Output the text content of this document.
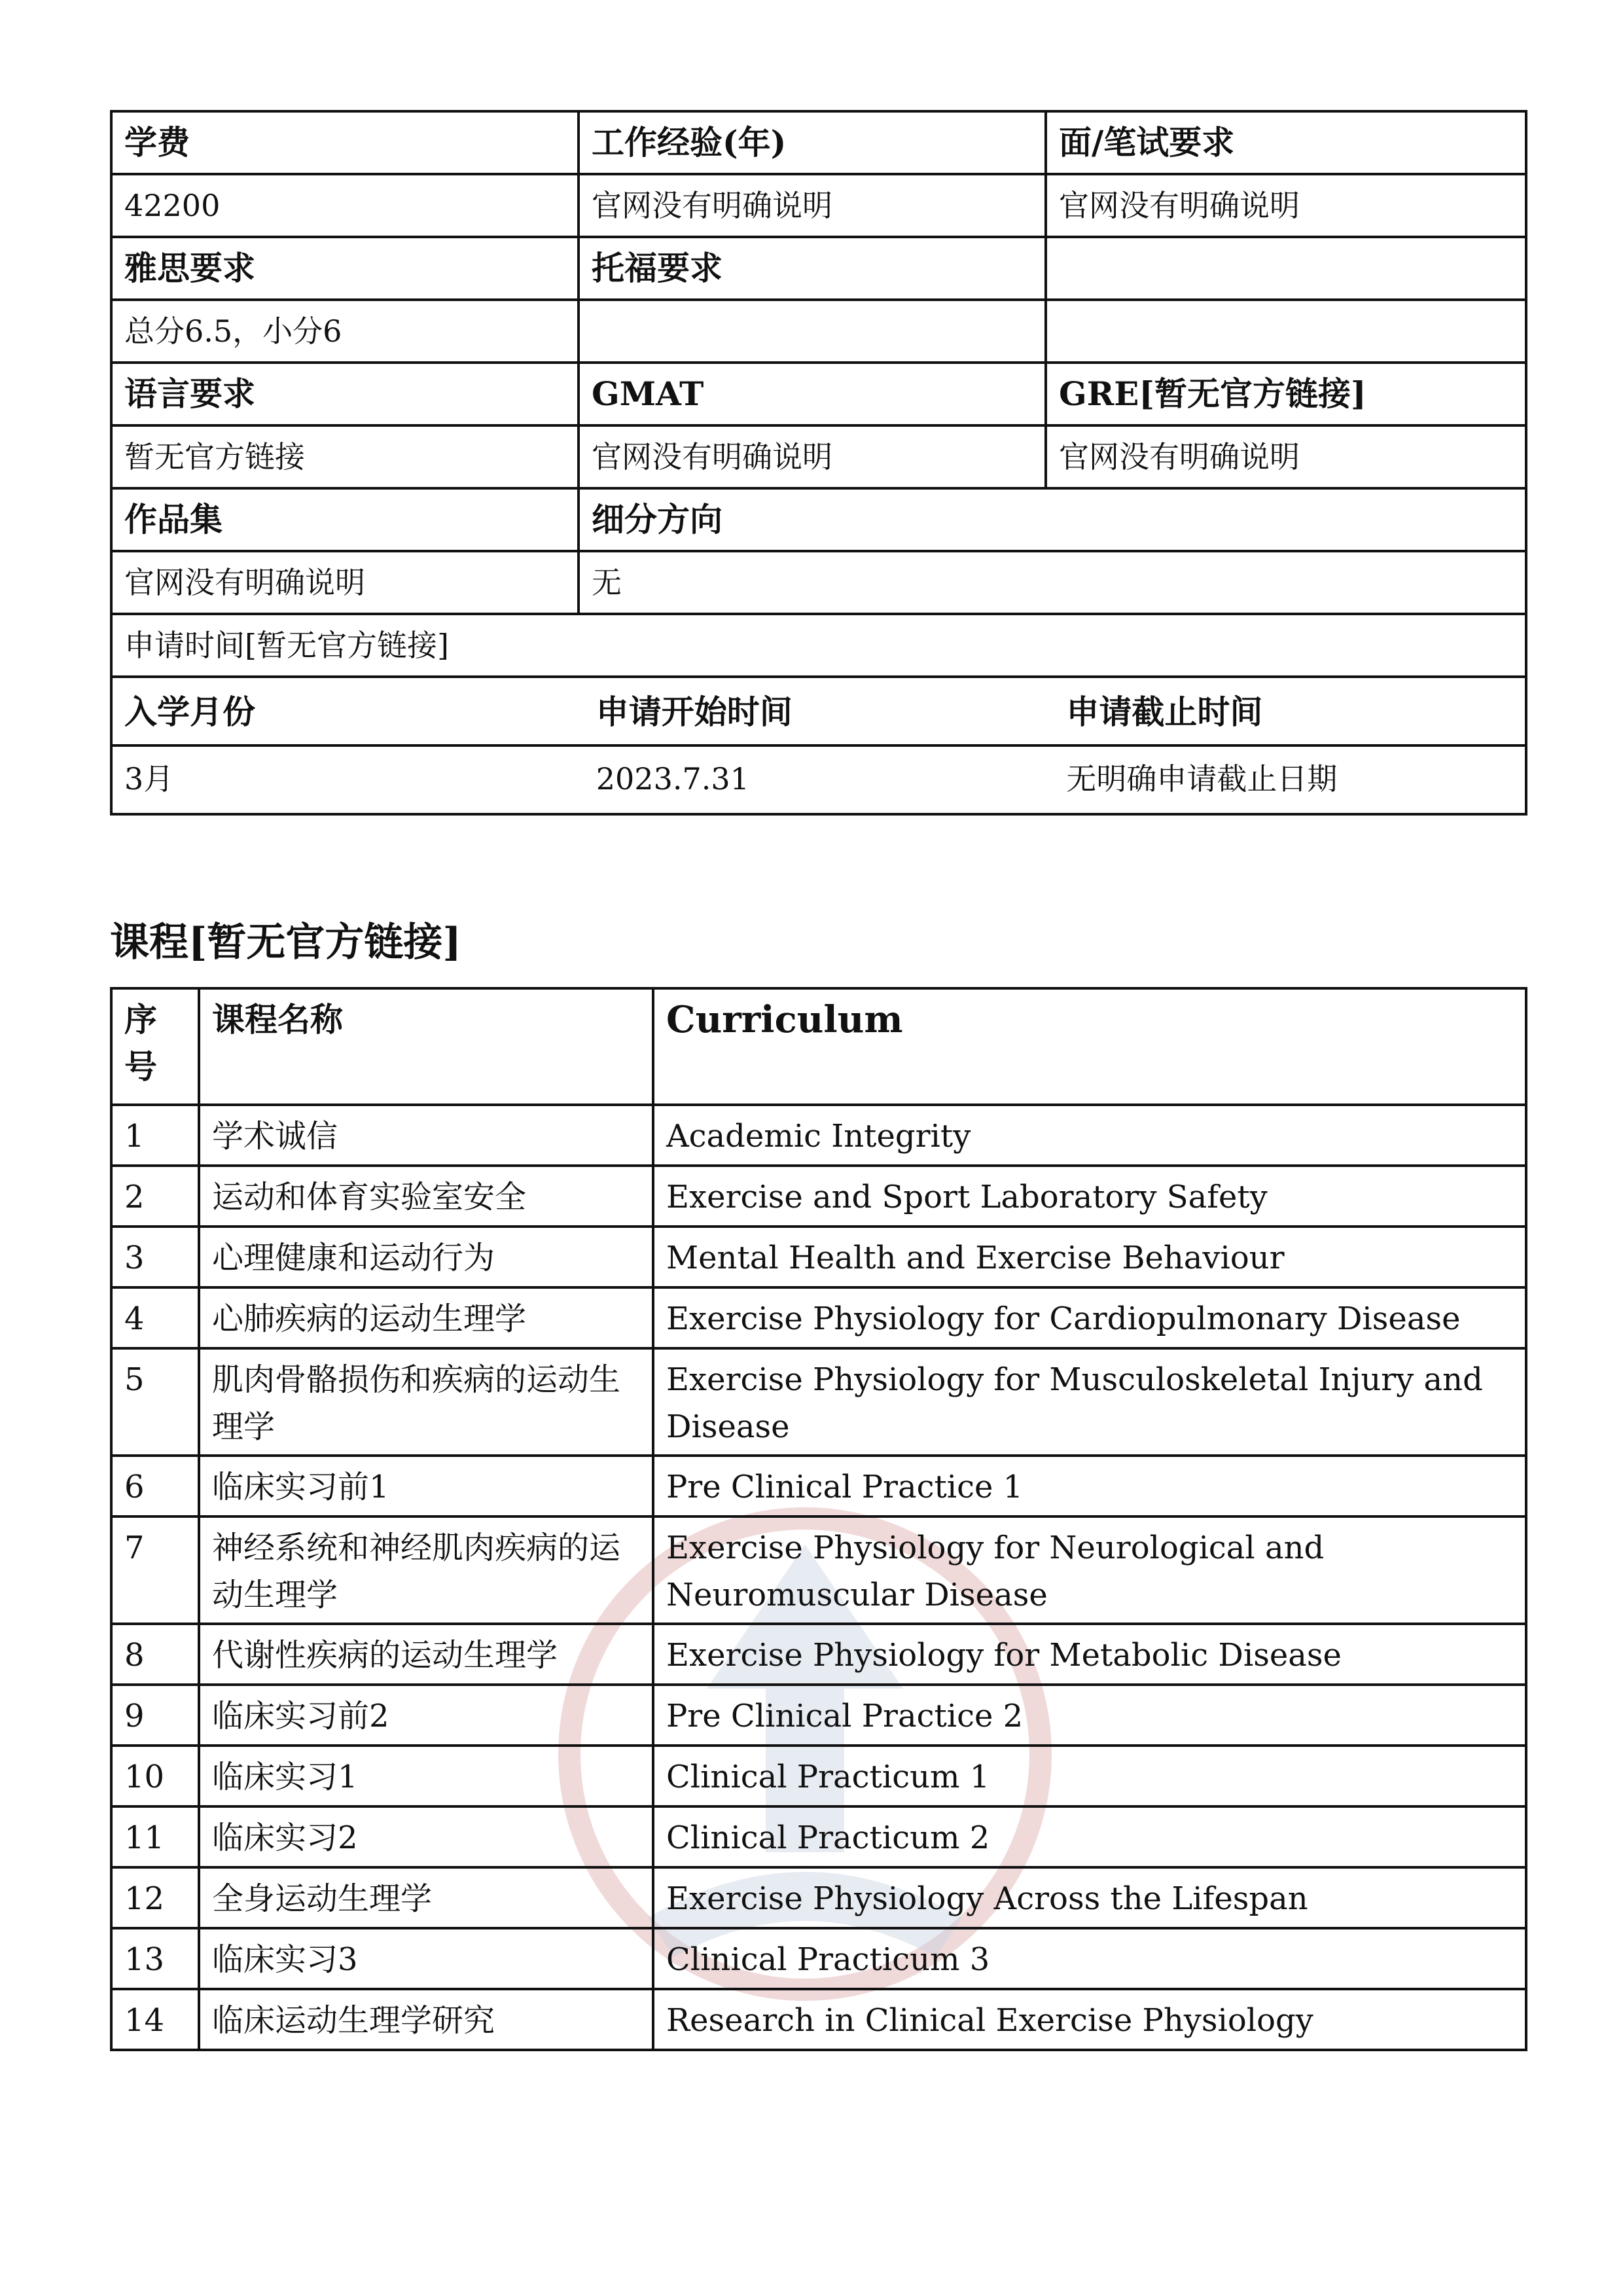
学费	工作经验(年)	面/笔试要求
42200	官网没有明确说明	官网没有明确说明
雅思要求	托福要求	
总分6.5，小分6		
语言要求	GMAT	GRE[暂无官方链接]
暂无官方链接	官网没有明确说明	官网没有明确说明
作品集	细分方向
官网没有明确说明	无
申请时间[暂无官方链接]

入学月份	申请开始时间	申请截止时间
3月	2023.7.31	无明确申请截止日期
课程[暂无官方链接]
序号	课程名称	Curriculum
1	学术诚信	Academic Integrity
2	运动和体育实验室安全	Exercise and Sport Laboratory Safety
3	心理健康和运动行为	Mental Health and Exercise Behaviour
4	心肺疾病的运动生理学	Exercise Physiology for Cardiopulmonary Disease
5	肌肉骨骼损伤和疾病的运动生理学	Exercise Physiology for Musculoskeletal Injury and Disease
6	临床实习前1	Pre Clinical Practice 1
7	神经系统和神经肌肉疾病的运动生理学	Exercise Physiology for Neurological and Neuromuscular Disease
8	代谢性疾病的运动生理学	Exercise Physiology for Metabolic Disease
9	临床实习前2	Pre Clinical Practice 2
10	临床实习1	Clinical Practicum 1
11	临床实习2	Clinical Practicum 2
12	全身运动生理学	Exercise Physiology Across the Lifespan
13	临床实习3	Clinical Practicum 3
14	临床运动生理学研究	Research in Clinical Exercise Physiology
